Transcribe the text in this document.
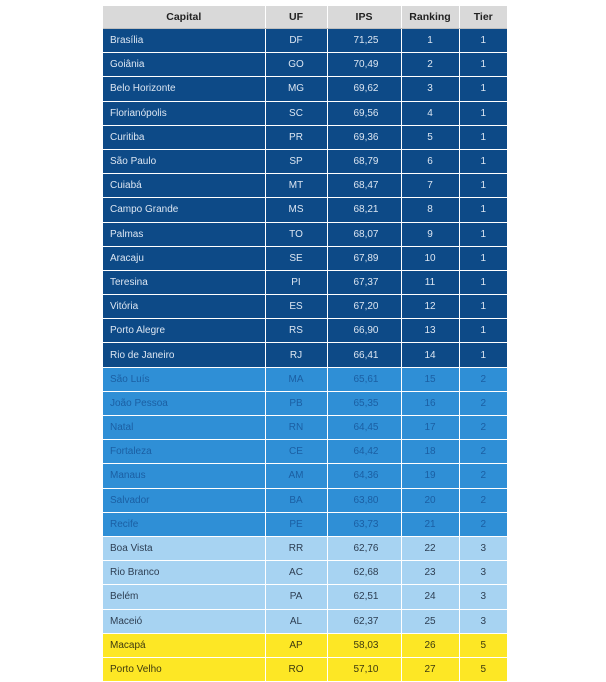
Capital	UF	IPS	Ranking	Tier
Brasília	DF	71,25	1	1
Goiânia	GO	70,49	2	1
Belo Horizonte	MG	69,62	3	1
Florianópolis	SC	69,56	4	1
Curitiba	PR	69,36	5	1
São Paulo	SP	68,79	6	1
Cuiabá	MT	68,47	7	1
Campo Grande	MS	68,21	8	1
Palmas	TO	68,07	9	1
Aracaju	SE	67,89	10	1
Teresina	PI	67,37	11	1
Vitória	ES	67,20	12	1
Porto Alegre	RS	66,90	13	1
Rio de Janeiro	RJ	66,41	14	1
São Luís	MA	65,61	15	2
João Pessoa	PB	65,35	16	2
Natal	RN	64,45	17	2
Fortaleza	CE	64,42	18	2
Manaus	AM	64,36	19	2
Salvador	BA	63,80	20	2
Recife	PE	63,73	21	2
Boa Vista	RR	62,76	22	3
Rio Branco	AC	62,68	23	3
Belém	PA	62,51	24	3
Maceió	AL	62,37	25	3
Macapá	AP	58,03	26	5
Porto Velho	RO	57,10	27	5
